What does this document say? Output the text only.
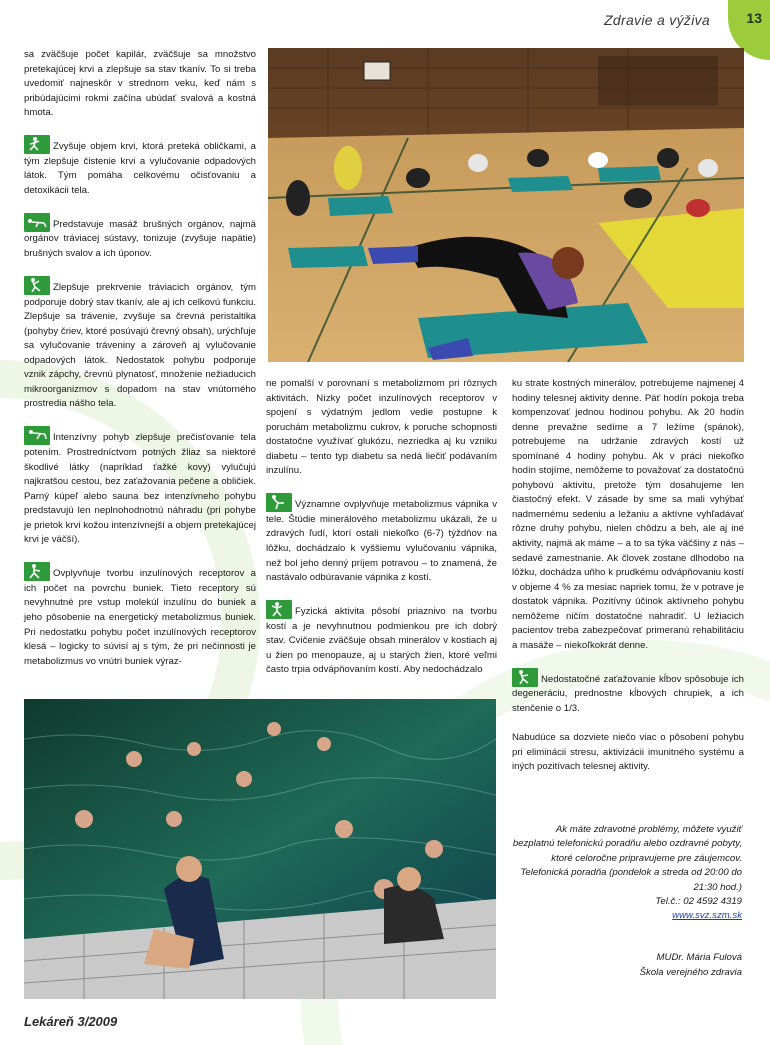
Zdravie a výživa	13

sa zväčšuje počet kapilár, zväčšuje sa množstvo pretekajúcej krvi a zlepšuje sa stav tkanív. To si treba uvedomiť najneskôr v strednom veku, keď nám s pribúdajúcimi rokmi začína ubúdať svalová a kostná hmota.

Zvyšuje objem krvi, ktorá preteká obličkami, a tým zlepšuje čistenie krvi a vylučovanie odpadových látok. Tým pomáha celkovému očisťovaniu a detoxikácii tela.

Predstavuje masáž brušných orgánov, najmä orgánov tráviacej sústavy, tonizuje (zvyšuje napätie) brušných svalov a ich úponov.

Zlepšuje prekrvenie tráviacich orgánov, tým podporuje dobrý stav tkanív, ale aj ich celkovú funkciu. Zlepšuje sa trávenie, zvyšuje sa črevná peristaltika (pohyby čriev, ktoré posúvajú črevný obsah), urýchľuje sa vylučovanie tráveniny a zároveň aj vylučovanie odpadových látok. Nedostatok pohybu podporuje vznik zápchy, črevnú plynatosť, množenie nežiaducich mikroorganizmov s dopadom na stav vnútorného prostredia nášho tela.

Intenzívny pohyb zlepšuje prečisťovanie tela potením. Prostredníctvom potných žliaz sa niektoré škodlivé látky (napríklad ťažké kovy) vylučujú najkratšou cestou, bez zaťažovania pečene a obličiek. Parný kúpeľ alebo sauna bez intenzívneho pohybu predstavujú len neplnohodnotnú náhradu (pri pohybe je prietok krvi kožou intenzívnejší a objem pretekajúcej krvi je väčší).

Ovplyvňuje tvorbu inzulínových receptorov a ich počet na povrchu buniek. Tieto receptory sú nevyhnutné pre vstup molekúl inzulínu do buniek a jeho pôsobenie na energetický metabolizmus buniek. Pri nedostatku pohybu počet inzulínových receptorov klesá – logicky to súvisí aj s tým, že pri nečinnosti je metabolizmus vo vnútri buniek výraz-

ne pomalší v porovnaní s metabolizmom pri rôznych aktivitách. Nízky počet inzulínových receptorov v spojení s výdatným jedlom vedie postupne k poruchám metabolizmu cukrov, k poruche schopnosti dostatočne využívať glukózu, nezriedka aj ku vzniku diabetu – tento typ diabetu sa nedá liečiť podávaním inzulínu.

Významne ovplyvňuje metabolizmus vápnika v tele. Štúdie minerálového metabolizmu ukázali, že u zdravých ľudí, ktorí ostali niekoľko (6-7) týždňov na lôžku, dochádzalo k vyššiemu vylučovaniu vápnika, než bol jeho denný príjem potravou – to znamená, že nastávalo odbúravanie vápnika z kostí.

Fyzická aktivita pôsobí priaznivo na tvorbu kostí a je nevyhnutnou podmienkou pre ich dobrý stav. Cvičenie zväčšuje obsah minerálov v kostiach aj u žien po menopauze, aj u starých žien, ktoré veľmi často trpia odvápňovaním kostí. Aby nedochádzalo

ku strate kostných minerálov, potrebujeme najmenej 4 hodiny telesnej aktivity denne. Päť hodín pokoja treba kompenzovať jednou hodinou pohybu. Ak 20 hodín denne prevažne sedíme a 7 ležíme (spánok), potrebujeme na udržanie zdravých kostí už spomínané 4 hodiny pohybu. Ak v práci niekoľko hodín stojíme, nemôžeme to považovať za dostatočnú pohybovú aktivitu, pretože tým dosahujeme len čiastočný efekt. V zásade by sme sa mali vyhýbať nadmernému sedeniu a ležaniu a aktívne vyhľadávať rôzne druhy pohybu, nielen chôdzu a beh, ale aj iné aktivity, najmä ak máme – a to sa týka väčšiny z nás – sedavé zamestnanie. Ak človek zostane dlhodobo na lôžku, dochádza uňho k prudkému odvápňovaniu kostí v objeme 4 % za mesiac napriek tomu, že v potrave je dostatok vápnika. Pozitívny účinok aktívneho pohybu nemôžeme ničím dostatočne nahradiť. U ležiacich pacientov treba zabezpečovať primeranú rehabilitáciu a masáže – niekoľkokrát denne.

Nedostatočné zaťažovanie kĺbov spôsobuje ich degeneráciu, prednostne kĺbových chrupiek, a ich stenčenie o 1/3.

Nabudúce sa dozviete niečo viac o pôsobení pohybu pri eliminácii stresu, aktivizácii imunitného systému a iných pozitívach telesnej aktivity.

Ak máte zdravotné problémy, môžete využiť bezplatnú telefonickú poradňu alebo ozdravné pobyty, ktoré celoročne pripravujeme pre záujemcov.
Telefonická poradňa (pondelok a streda od 20:00 do 21:30 hod.)
Tel.č.: 02 4592 4319
www.svz.szm.sk
MUDr. Mária Fulová
Škola verejného zdravia
Lekáreň 3/2009
